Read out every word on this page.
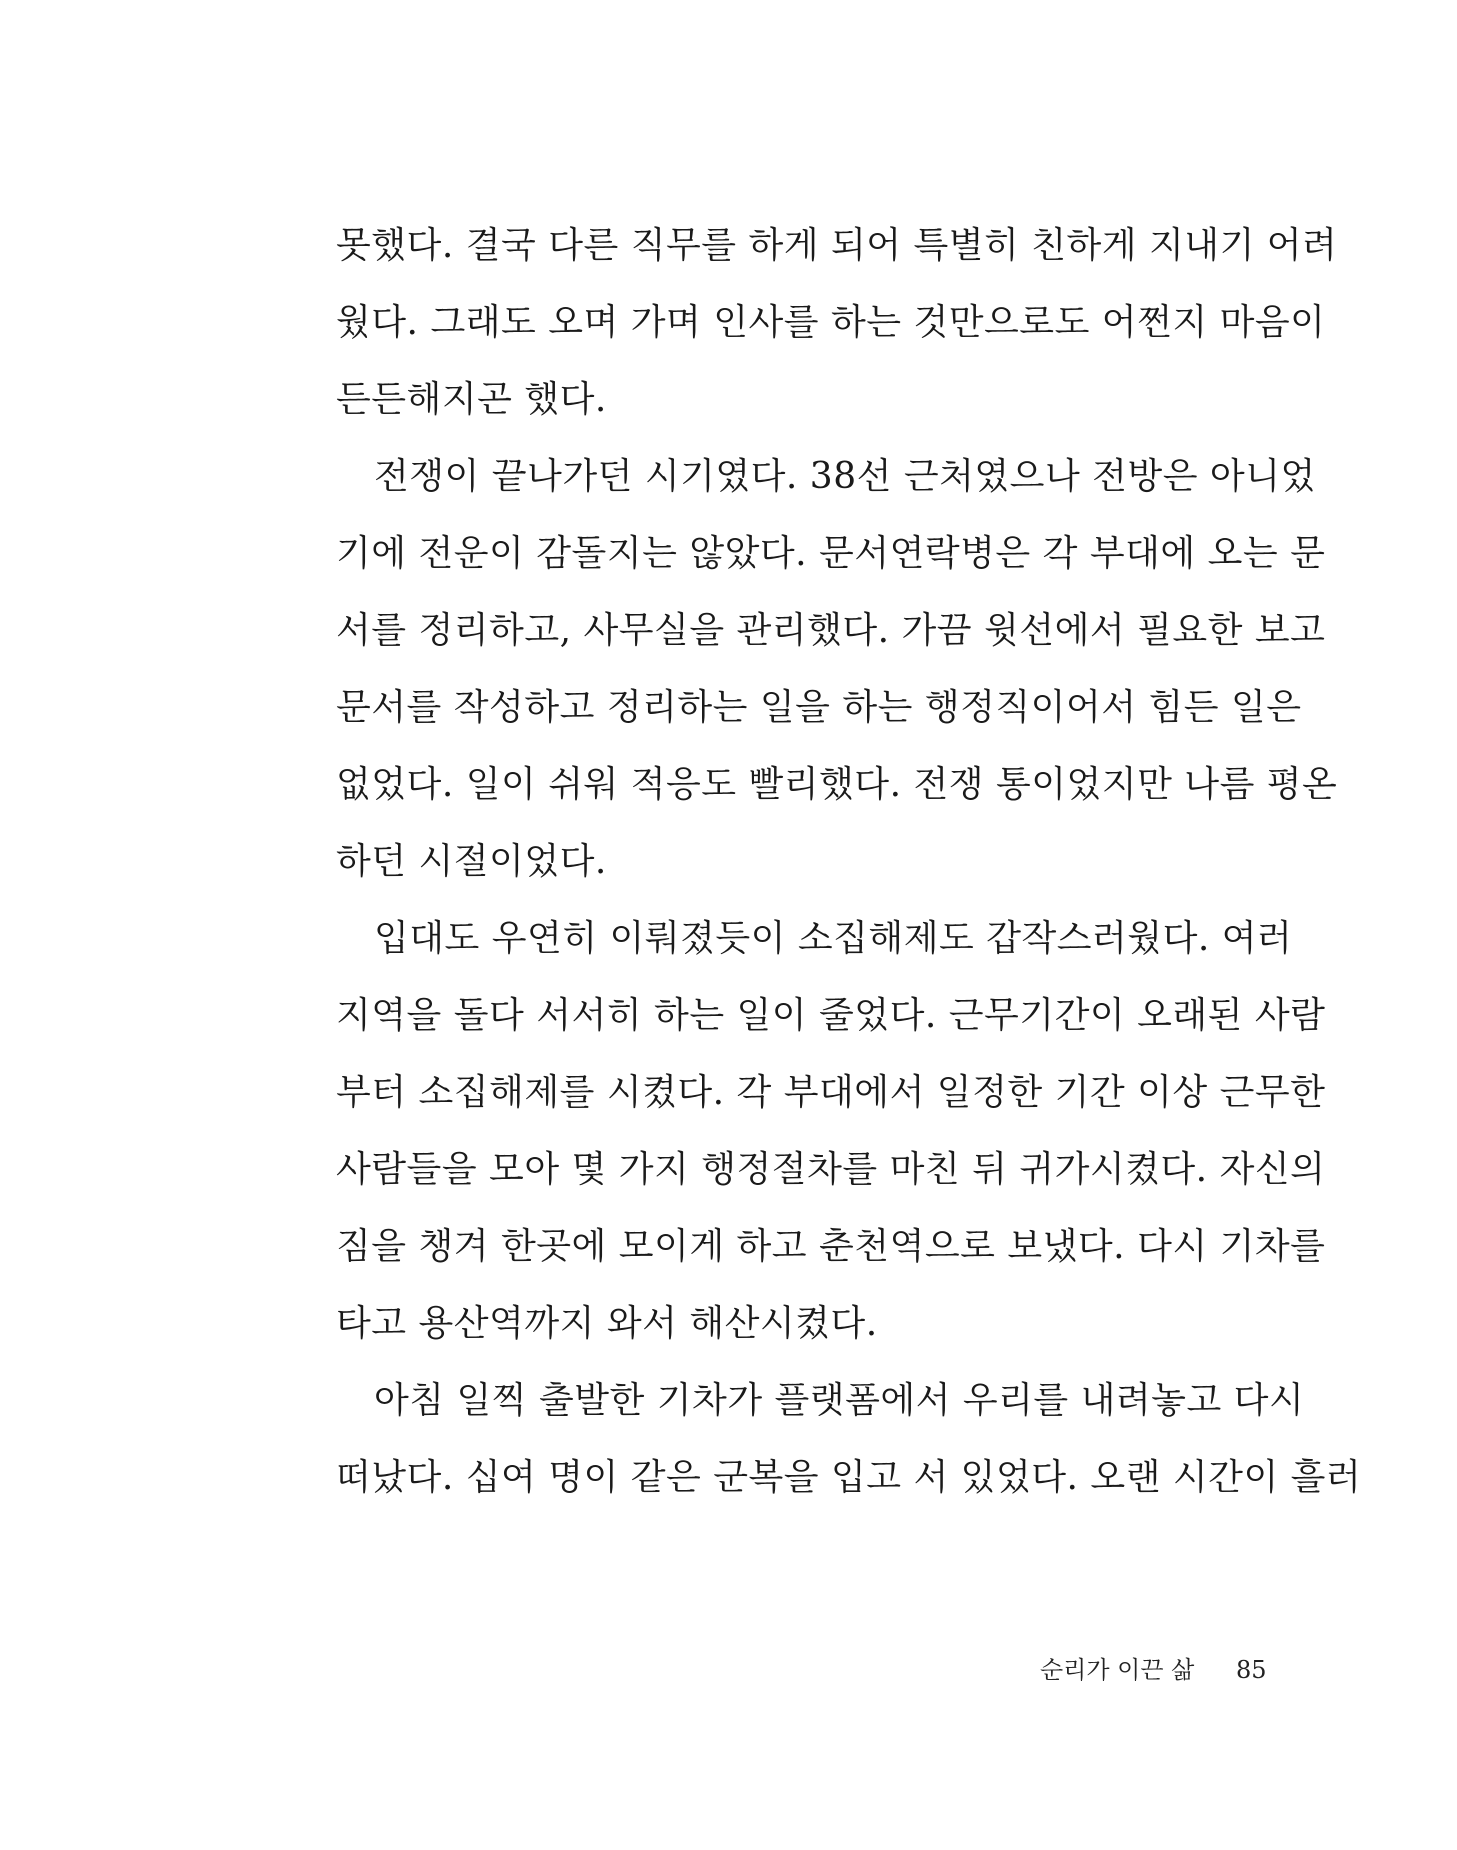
못했다. 결국 다른 직무를 하게 되어 특별히 친하게 지내기 어려
웠다. 그래도 오며 가며 인사를 하는 것만으로도 어쩐지 마음이
든든해지곤 했다.
전쟁이 끝나가던 시기였다. 38선 근처였으나 전방은 아니었
기에 전운이 감돌지는 않았다. 문서연락병은 각 부대에 오는 문
서를 정리하고, 사무실을 관리했다. 가끔 윗선에서 필요한 보고
문서를 작성하고 정리하는 일을 하는 행정직이어서 힘든 일은
없었다. 일이 쉬워 적응도 빨리했다. 전쟁 통이었지만 나름 평온
하던 시절이었다.
입대도 우연히 이뤄졌듯이 소집해제도 갑작스러웠다. 여러
지역을 돌다 서서히 하는 일이 줄었다. 근무기간이 오래된 사람
부터 소집해제를 시켰다. 각 부대에서 일정한 기간 이상 근무한
사람들을 모아 몇 가지 행정절차를 마친 뒤 귀가시켰다. 자신의
짐을 챙겨 한곳에 모이게 하고 춘천역으로 보냈다. 다시 기차를
타고 용산역까지 와서 해산시켰다.
아침 일찍 출발한 기차가 플랫폼에서 우리를 내려놓고 다시
떠났다. 십여 명이 같은 군복을 입고 서 있었다. 오랜 시간이 흘러
순리가 이끈 삶 85
